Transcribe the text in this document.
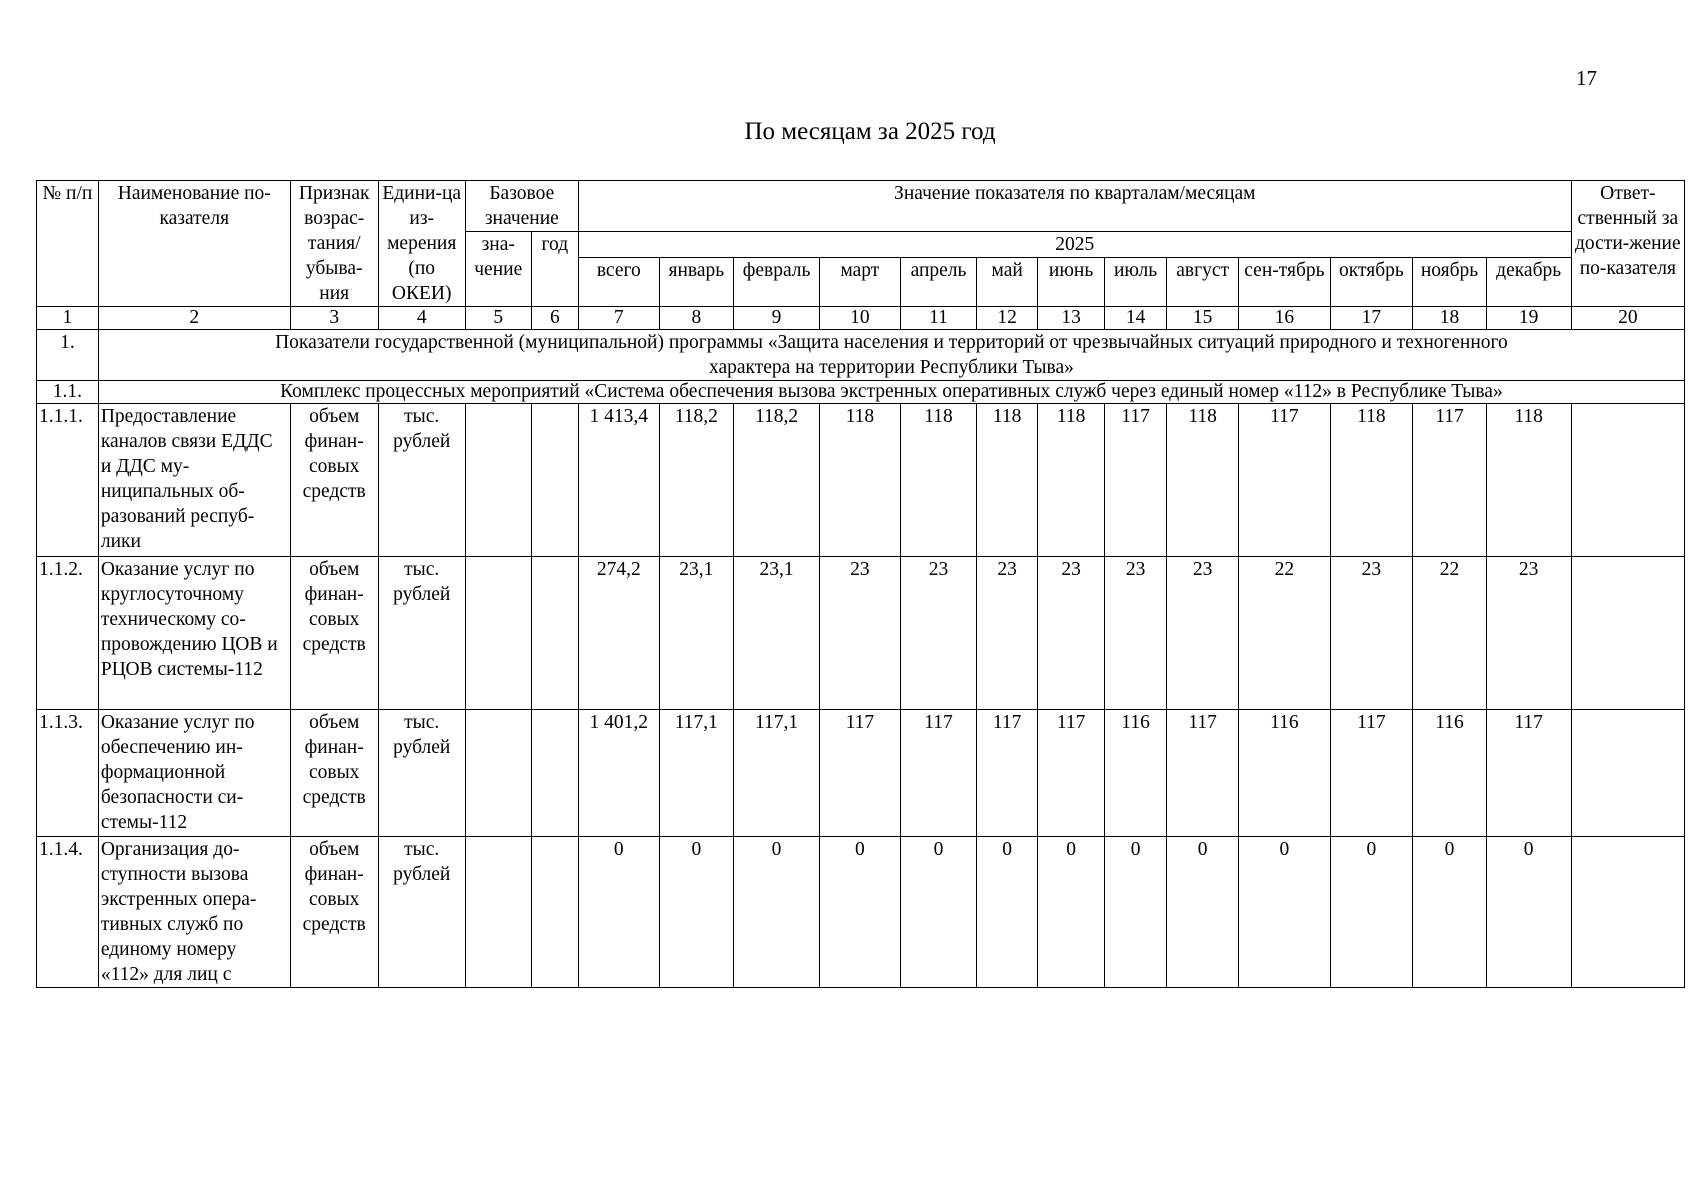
17
По месяцам за 2025 год
№ п/п	Наименование по-казателя	Признак возрас-тания/ убыва-ния	Едини-ца из-мерения (по ОКЕИ)	Базовое значение		Значение показателя по кварталам/месяцам													Ответ-ственный за дости-жение по-казателя
				зна-чение	год	2025													
						всего	январь	февраль	март	апрель	май	июнь	июль	август	сен-тябрь	октябрь	ноябрь	декабрь	
1	2	3	4	5	6	7	8	9	10	11	12	13	14	15	16	17	18	19	20
1.	Показатели государственной (муниципальной) программы «Защита населения и территорий от чрезвычайных ситуаций природного и техногенного характера на территории Республики Тыва»																		
1.1.	Комплекс процессных мероприятий «Система обеспечения вызова экстренных оперативных служб через единый номер «112» в Республике Тыва»																		
1.1.1.	Предоставление каналов связи ЕДДС и ДДС му-ниципальных об-разований респуб-лики	объем финан-совых средств	тыс. рублей			1 413,4	118,2	118,2	118	118	118	118	117	118	117	118	117	118	
1.1.2.	Оказание услуг по круглосуточному техническому со-провождению ЦОВ и РЦОВ системы-112	объем финан-совых средств	тыс. рублей			274,2	23,1	23,1	23	23	23	23	23	23	22	23	22	23	
1.1.3.	Оказание услуг по обеспечению ин-формационной безопасности си-стемы-112	объем финан-совых средств	тыс. рублей			1 401,2	117,1	117,1	117	117	117	117	116	117	116	117	116	117	
1.1.4.	Организация до-ступности вызова экстренных опера-тивных служб по единому номеру «112» для лиц с	объем финан-совых средств	тыс. рублей			0	0	0	0	0	0	0	0	0	0	0	0	0	
